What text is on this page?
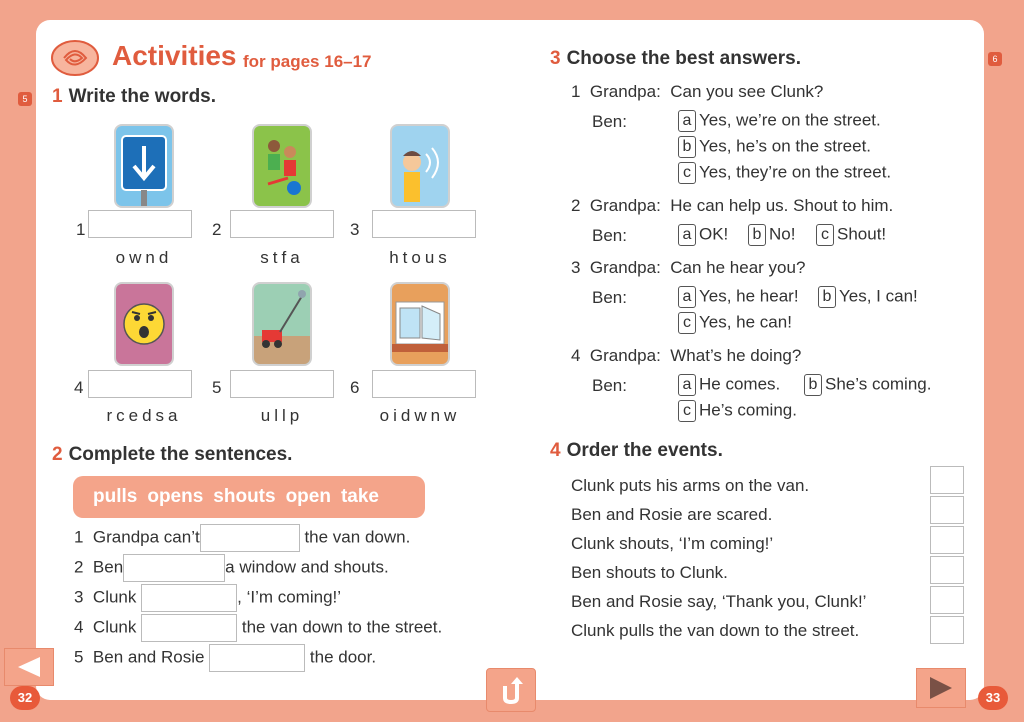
5
6
Activities for pages 16–17
1 Write the words.
1
ownd
2
stfa
3
htous
4
rcedsa
5
ullp
6
oidwnw
2 Complete the sentences.
pulls opens shouts open take
1 Grandpa can’t	the van down.
2 Ben	a window and shouts.
3 Clunk	, ‘I’m coming!’
4 Clunk	the van down to the street.
5 Ben and Rosie	the door.
3 Choose the best answers.
1 Grandpa: Can you see Clunk?
Ben:	a Yes, we’re on the street.
b Yes, he’s on the street.
c Yes, they’re on the street.
2 Grandpa: He can help us. Shout to him.
Ben:	a OK! b No!	c Shout!
3 Grandpa: Can he hear you?
Ben:	a Yes, he hear! b Yes, I can!
c Yes, he can!
4 Grandpa: What’s he doing?
Ben:	a He comes. b She’s coming.
c He’s coming.
4 Order the events.
Clunk puts his arms on the van.
Ben and Rosie are scared.
Clunk shouts, ‘I’m coming!’
Ben shouts to Clunk.
Ben and Rosie say, ‘Thank you, Clunk!’
Clunk pulls the van down to the street.
32	33
